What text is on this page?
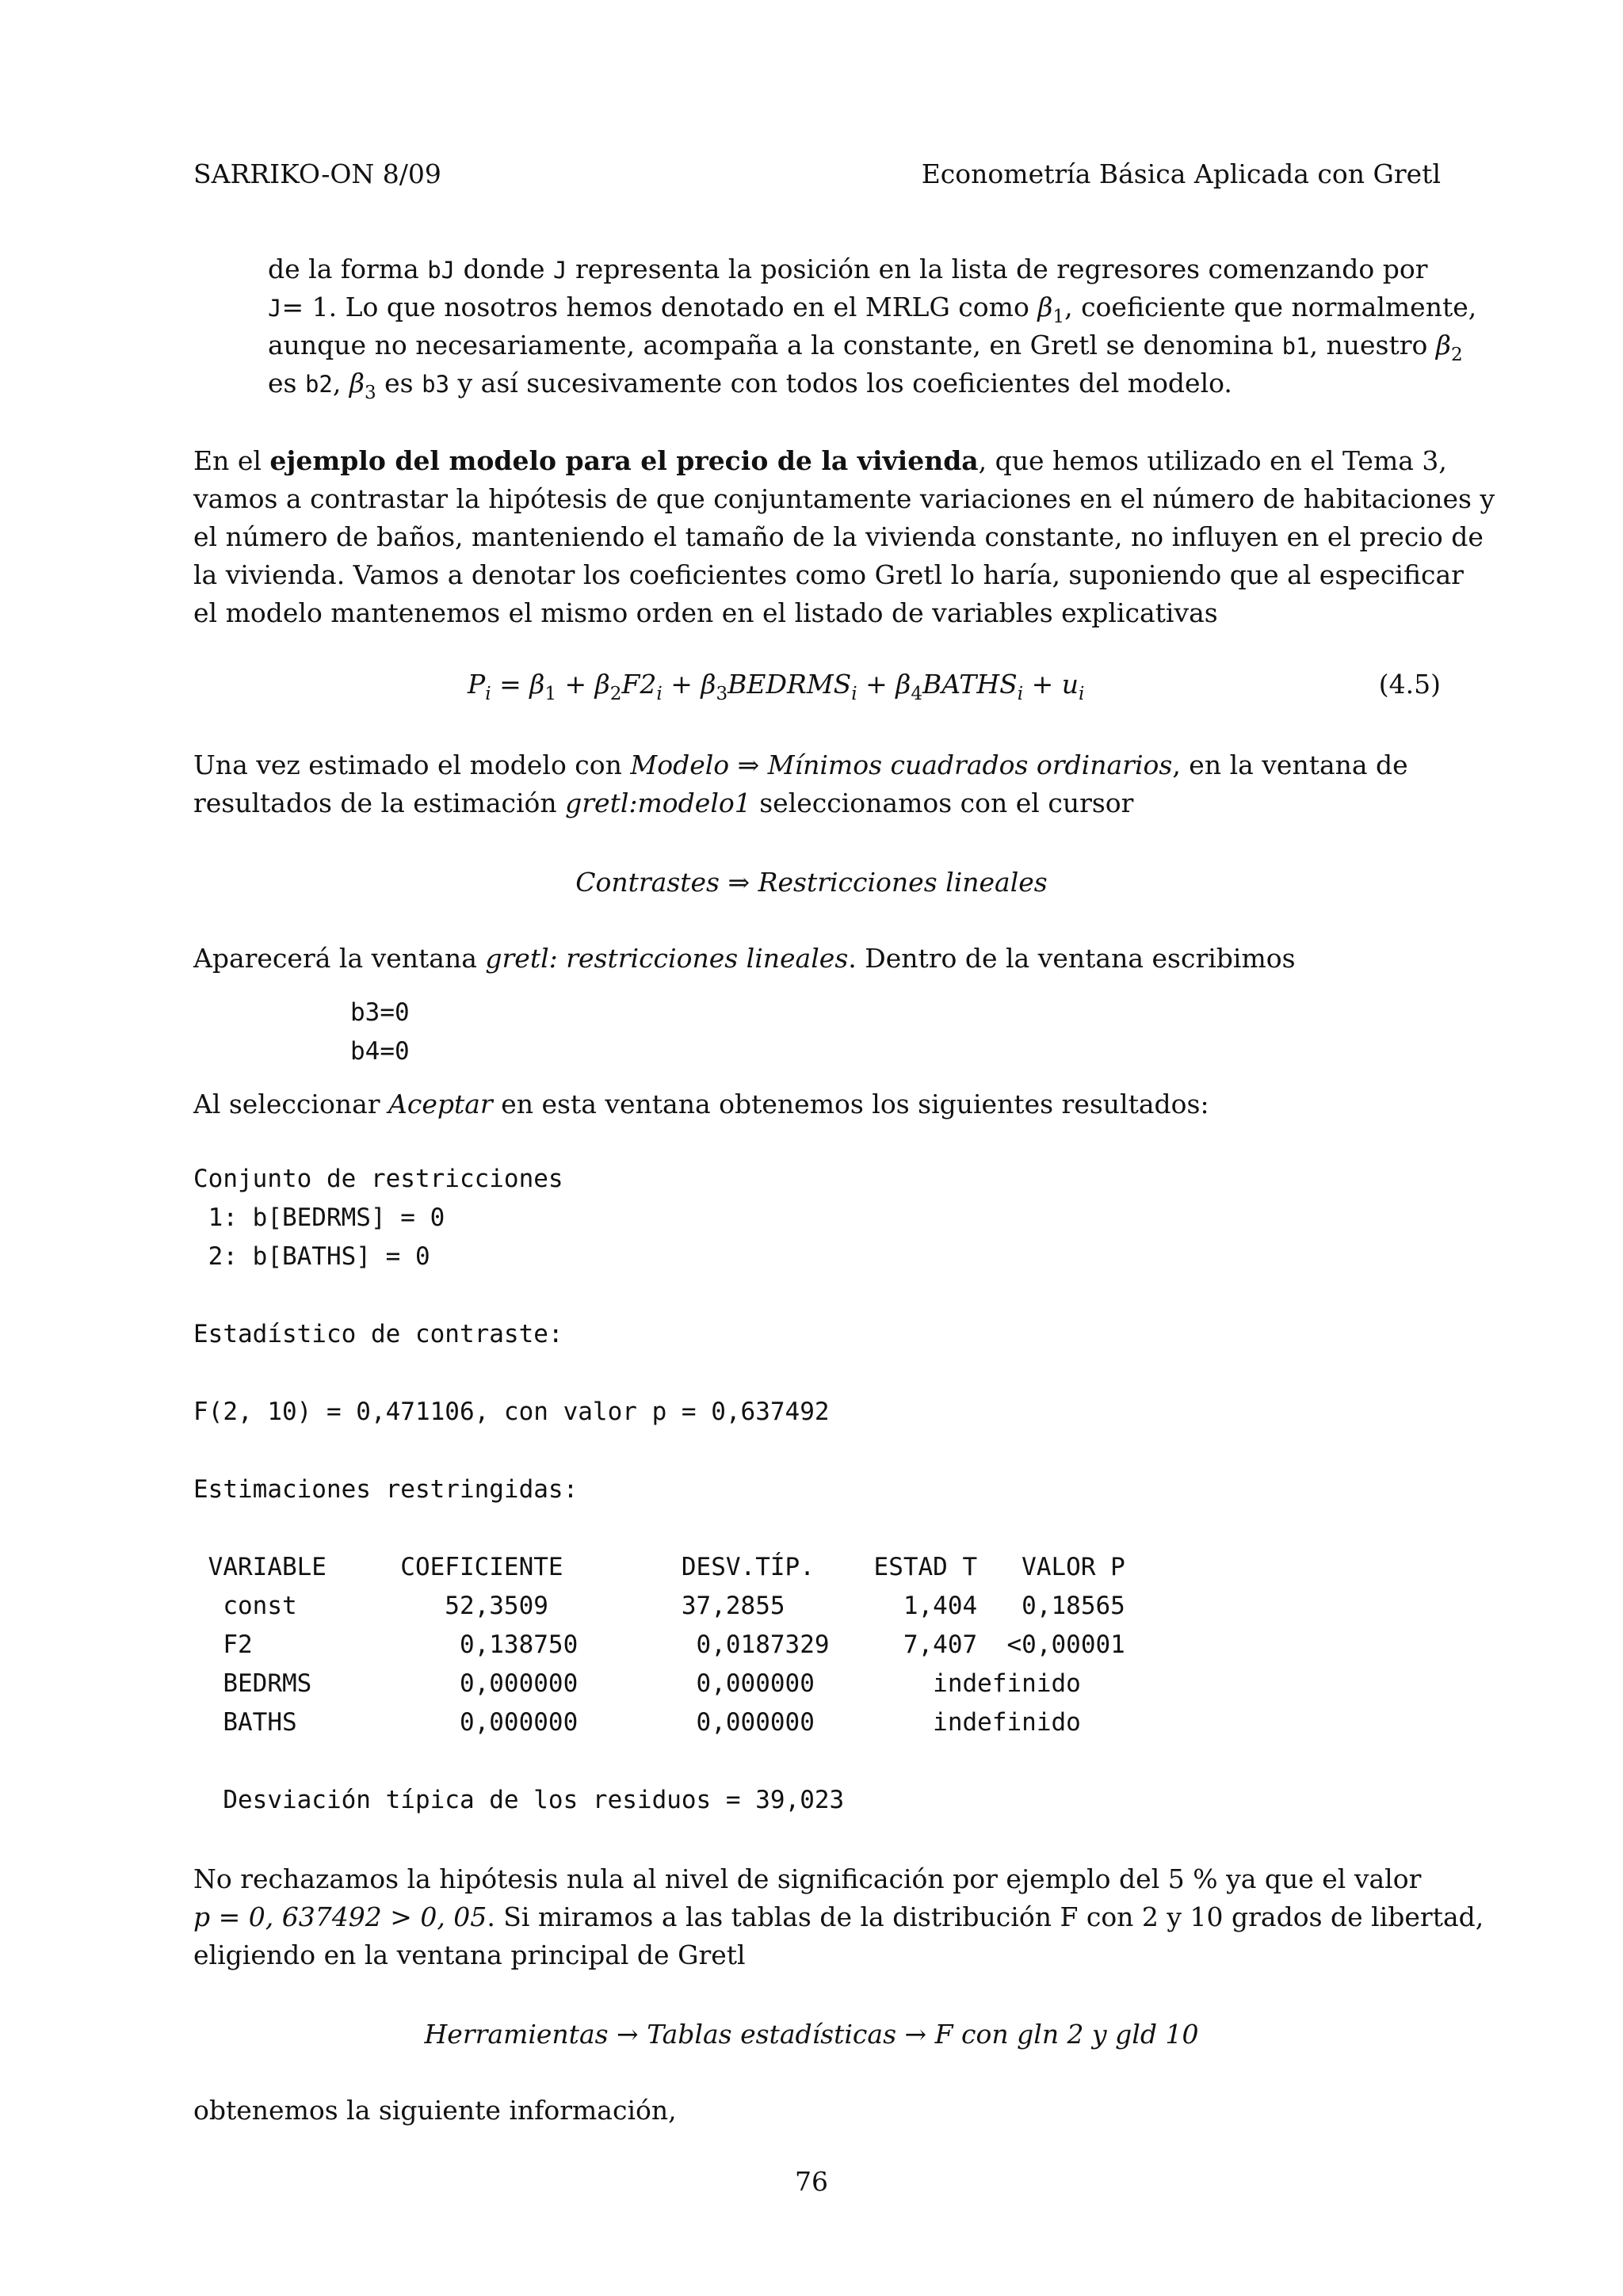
SARRIKO-ON 8/09	Econometría Básica Aplicada con Gretl
de la forma bJ donde J representa la posición en la lista de regresores comenzando por
J= 1. Lo que nosotros hemos denotado en el MRLG como $\beta_1$, coeficiente que normalmente,
aunque no necesariamente, acompaña a la constante, en Gretl se denomina b1, nuestro $\beta_2$
es b2, $\beta_3$ es b3 y así sucesivamente con todos los coeficientes del modelo.
En el ejemplo del modelo para el precio de la vivienda, que hemos utilizado en el Tema 3,
vamos a contrastar la hipótesis de que conjuntamente variaciones en el número de habitaciones y
el número de baños, manteniendo el tamaño de la vivienda constante, no influyen en el precio de
la vivienda. Vamos a denotar los coeficientes como Gretl lo haría, suponiendo que al especificar
el modelo mantenemos el mismo orden en el listado de variables explicativas
$P_i = \beta_1 + \beta_2F2_i$ + $\beta_3BEDRMS_i$ + $\beta_4BATHS_i + u_i$	(4.5)
Una vez estimado el modelo con Modelo ⇒ Mínimos cuadrados ordinarios, en la ventana de
resultados de la estimación gretl:modelo1 seleccionamos con el cursor
Contrastes ⇒ Restricciones lineales
Aparecerá la ventana gretl: restricciones lineales. Dentro de la ventana escribimos
b3=0
b4=0
Al seleccionar Aceptar en esta ventana obtenemos los siguientes resultados:
Conjunto de restricciones
1: b[BEDRMS] = 0
2: b[BATHS] = 0

Estadístico de contraste:

F(2, 10) = 0,471106, con valor p = 0,637492

Estimaciones restringidas:

VARIABLE     COEFICIENTE        DESV.TÍP.    ESTAD T   VALOR P
const          52,3509         37,2855        1,404   0,18565
F2              0,138750        0,0187329     7,407  <0,00001
BEDRMS          0,000000        0,000000        indefinido
BATHS           0,000000        0,000000        indefinido

Desviación típica de los residuos = 39,023
No rechazamos la hipótesis nula al nivel de significación por ejemplo del 5 % ya que el valor
p = 0, 637492 > 0, 05. Si miramos a las tablas de la distribución F con 2 y 10 grados de libertad,
eligiendo en la ventana principal de Gretl
Herramientas → Tablas estadísticas → F con gln 2 y gld 10
obtenemos la siguiente información,
76
